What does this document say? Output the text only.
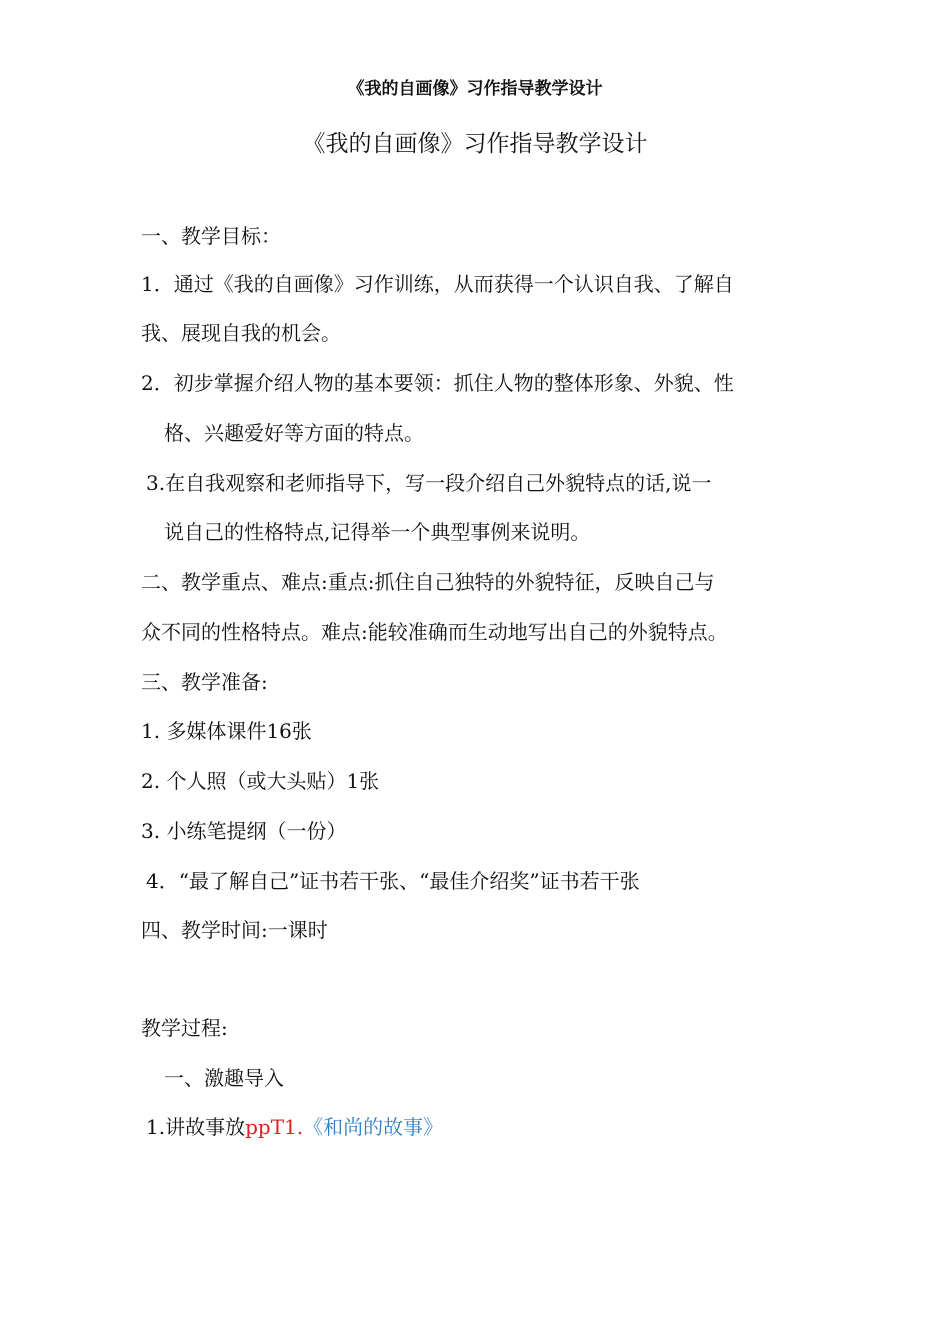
《我的自画像》习作指导教学设计
《我的自画像》习作指导教学设计
一、教学目标：
1．通过《我的自画像》习作训练，从而获得一个认识自我、了解自
我、展现自我的机会。
2．初步掌握介绍人物的基本要领：抓住人物的整体形象、外貌、性
格、兴趣爱好等方面的特点。
3.在自我观察和老师指导下，写一段介绍自己外貌特点的话,说一
说自己的性格特点,记得举一个典型事例来说明。
二、教学重点、难点:重点:抓住自己独特的外貌特征，反映自己与
众不同的性格特点。难点:能较准确而生动地写出自己的外貌特点。
三、教学准备:
1. 多媒体课件16张
2. 个人照（或大头贴）1张
3. 小练笔提纲（一份）
4．“最了解自己”证书若干张、“最佳介绍奖”证书若干张
四、教学时间:一课时
教学过程:
一、激趣导入
1.讲故事放ppT1.《和尚的故事》
